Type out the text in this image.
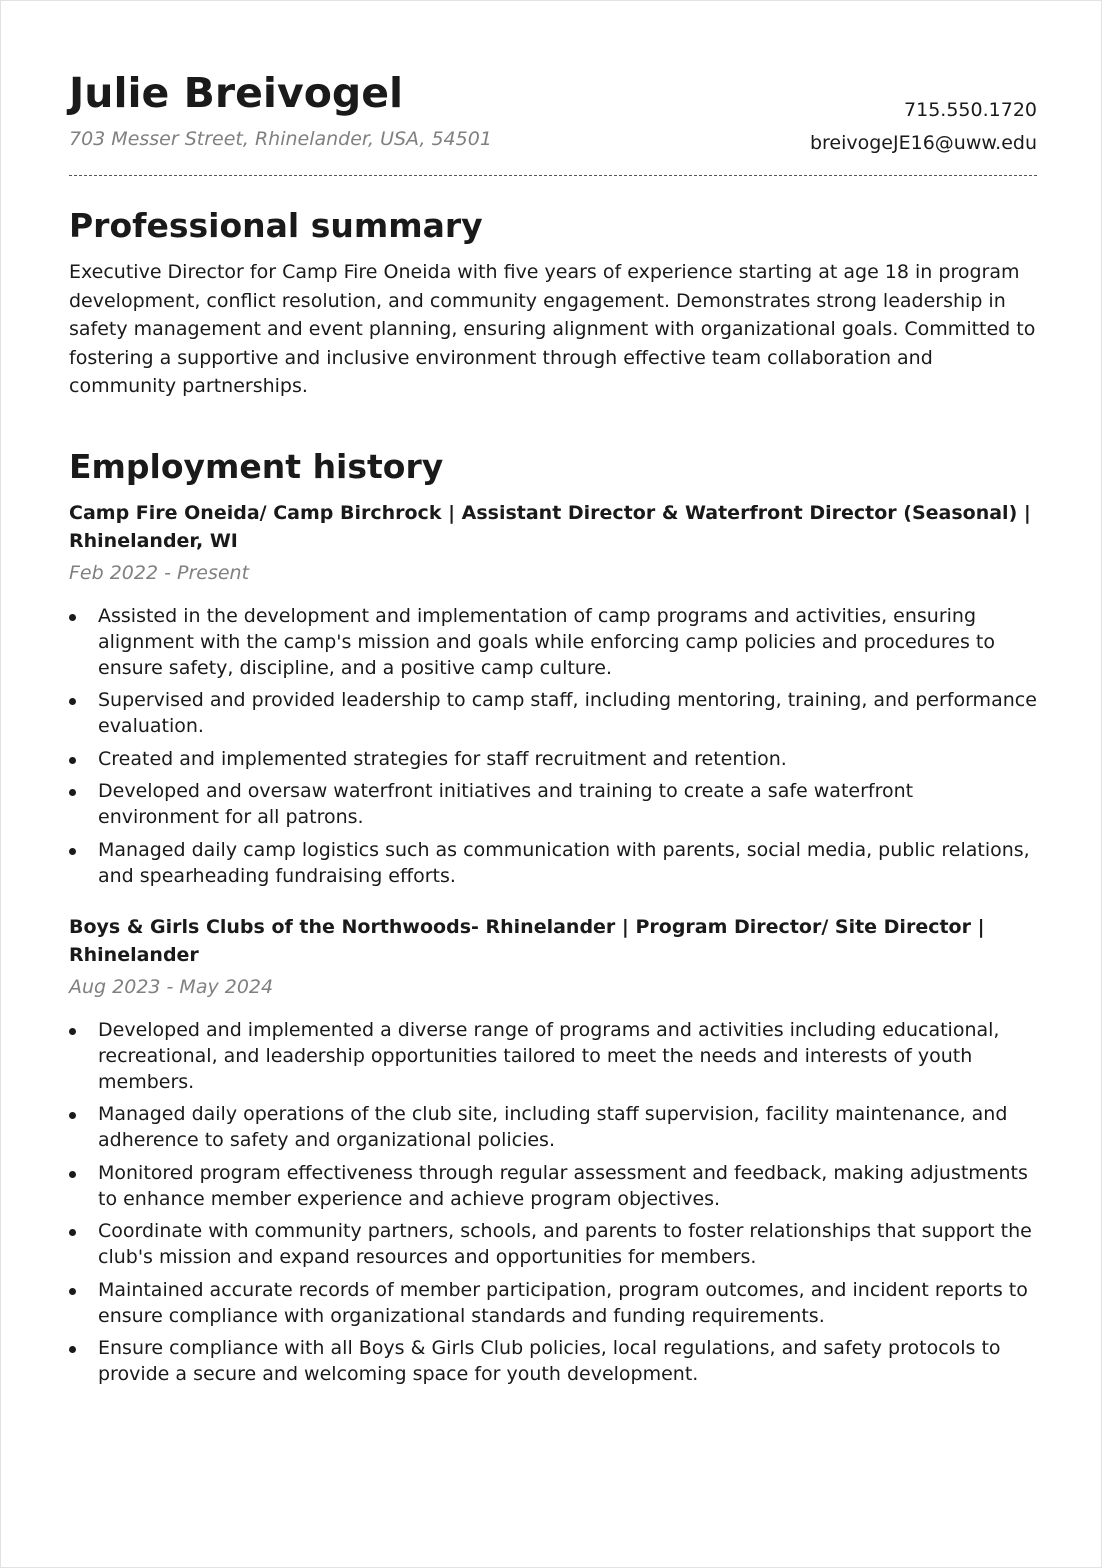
Julie Breivogel
703 Messer Street, Rhinelander, USA, 54501
715.550.1720
breivogeJE16@uww.edu
Professional summary

Executive Director for Camp Fire Oneida with five years of experience starting at age 18 in program development, conflict resolution, and community engagement. Demonstrates strong leadership in safety management and event planning, ensuring alignment with organizational goals. Committed to fostering a supportive and inclusive environment through effective team collaboration and community partnerships.

Employment history
Camp Fire Oneida/ Camp Birchrock | Assistant Director & Waterfront Director (Seasonal) | Rhinelander, WI
Feb 2022 - Present
Assisted in the development and implementation of camp programs and activities, ensuring alignment with the camp's mission and goals while enforcing camp policies and procedures to ensure safety, discipline, and a positive camp culture.
Supervised and provided leadership to camp staff, including mentoring, training, and performance evaluation.
Created and implemented strategies for staff recruitment and retention.
Developed and oversaw waterfront initiatives and training to create a safe waterfront environment for all patrons.
Managed daily camp logistics such as communication with parents, social media, public relations, and spearheading fundraising efforts.
Boys & Girls Clubs of the Northwoods- Rhinelander | Program Director/ Site Director | Rhinelander
Aug 2023 - May 2024
Developed and implemented a diverse range of programs and activities including educational, recreational, and leadership opportunities tailored to meet the needs and interests of youth members.
Managed daily operations of the club site, including staff supervision, facility maintenance, and adherence to safety and organizational policies.
Monitored program effectiveness through regular assessment and feedback, making adjustments to enhance member experience and achieve program objectives.
Coordinate with community partners, schools, and parents to foster relationships that support the club's mission and expand resources and opportunities for members.
Maintained accurate records of member participation, program outcomes, and incident reports to ensure compliance with organizational standards and funding requirements.
Ensure compliance with all Boys & Girls Club policies, local regulations, and safety protocols to provide a secure and welcoming space for youth development.
